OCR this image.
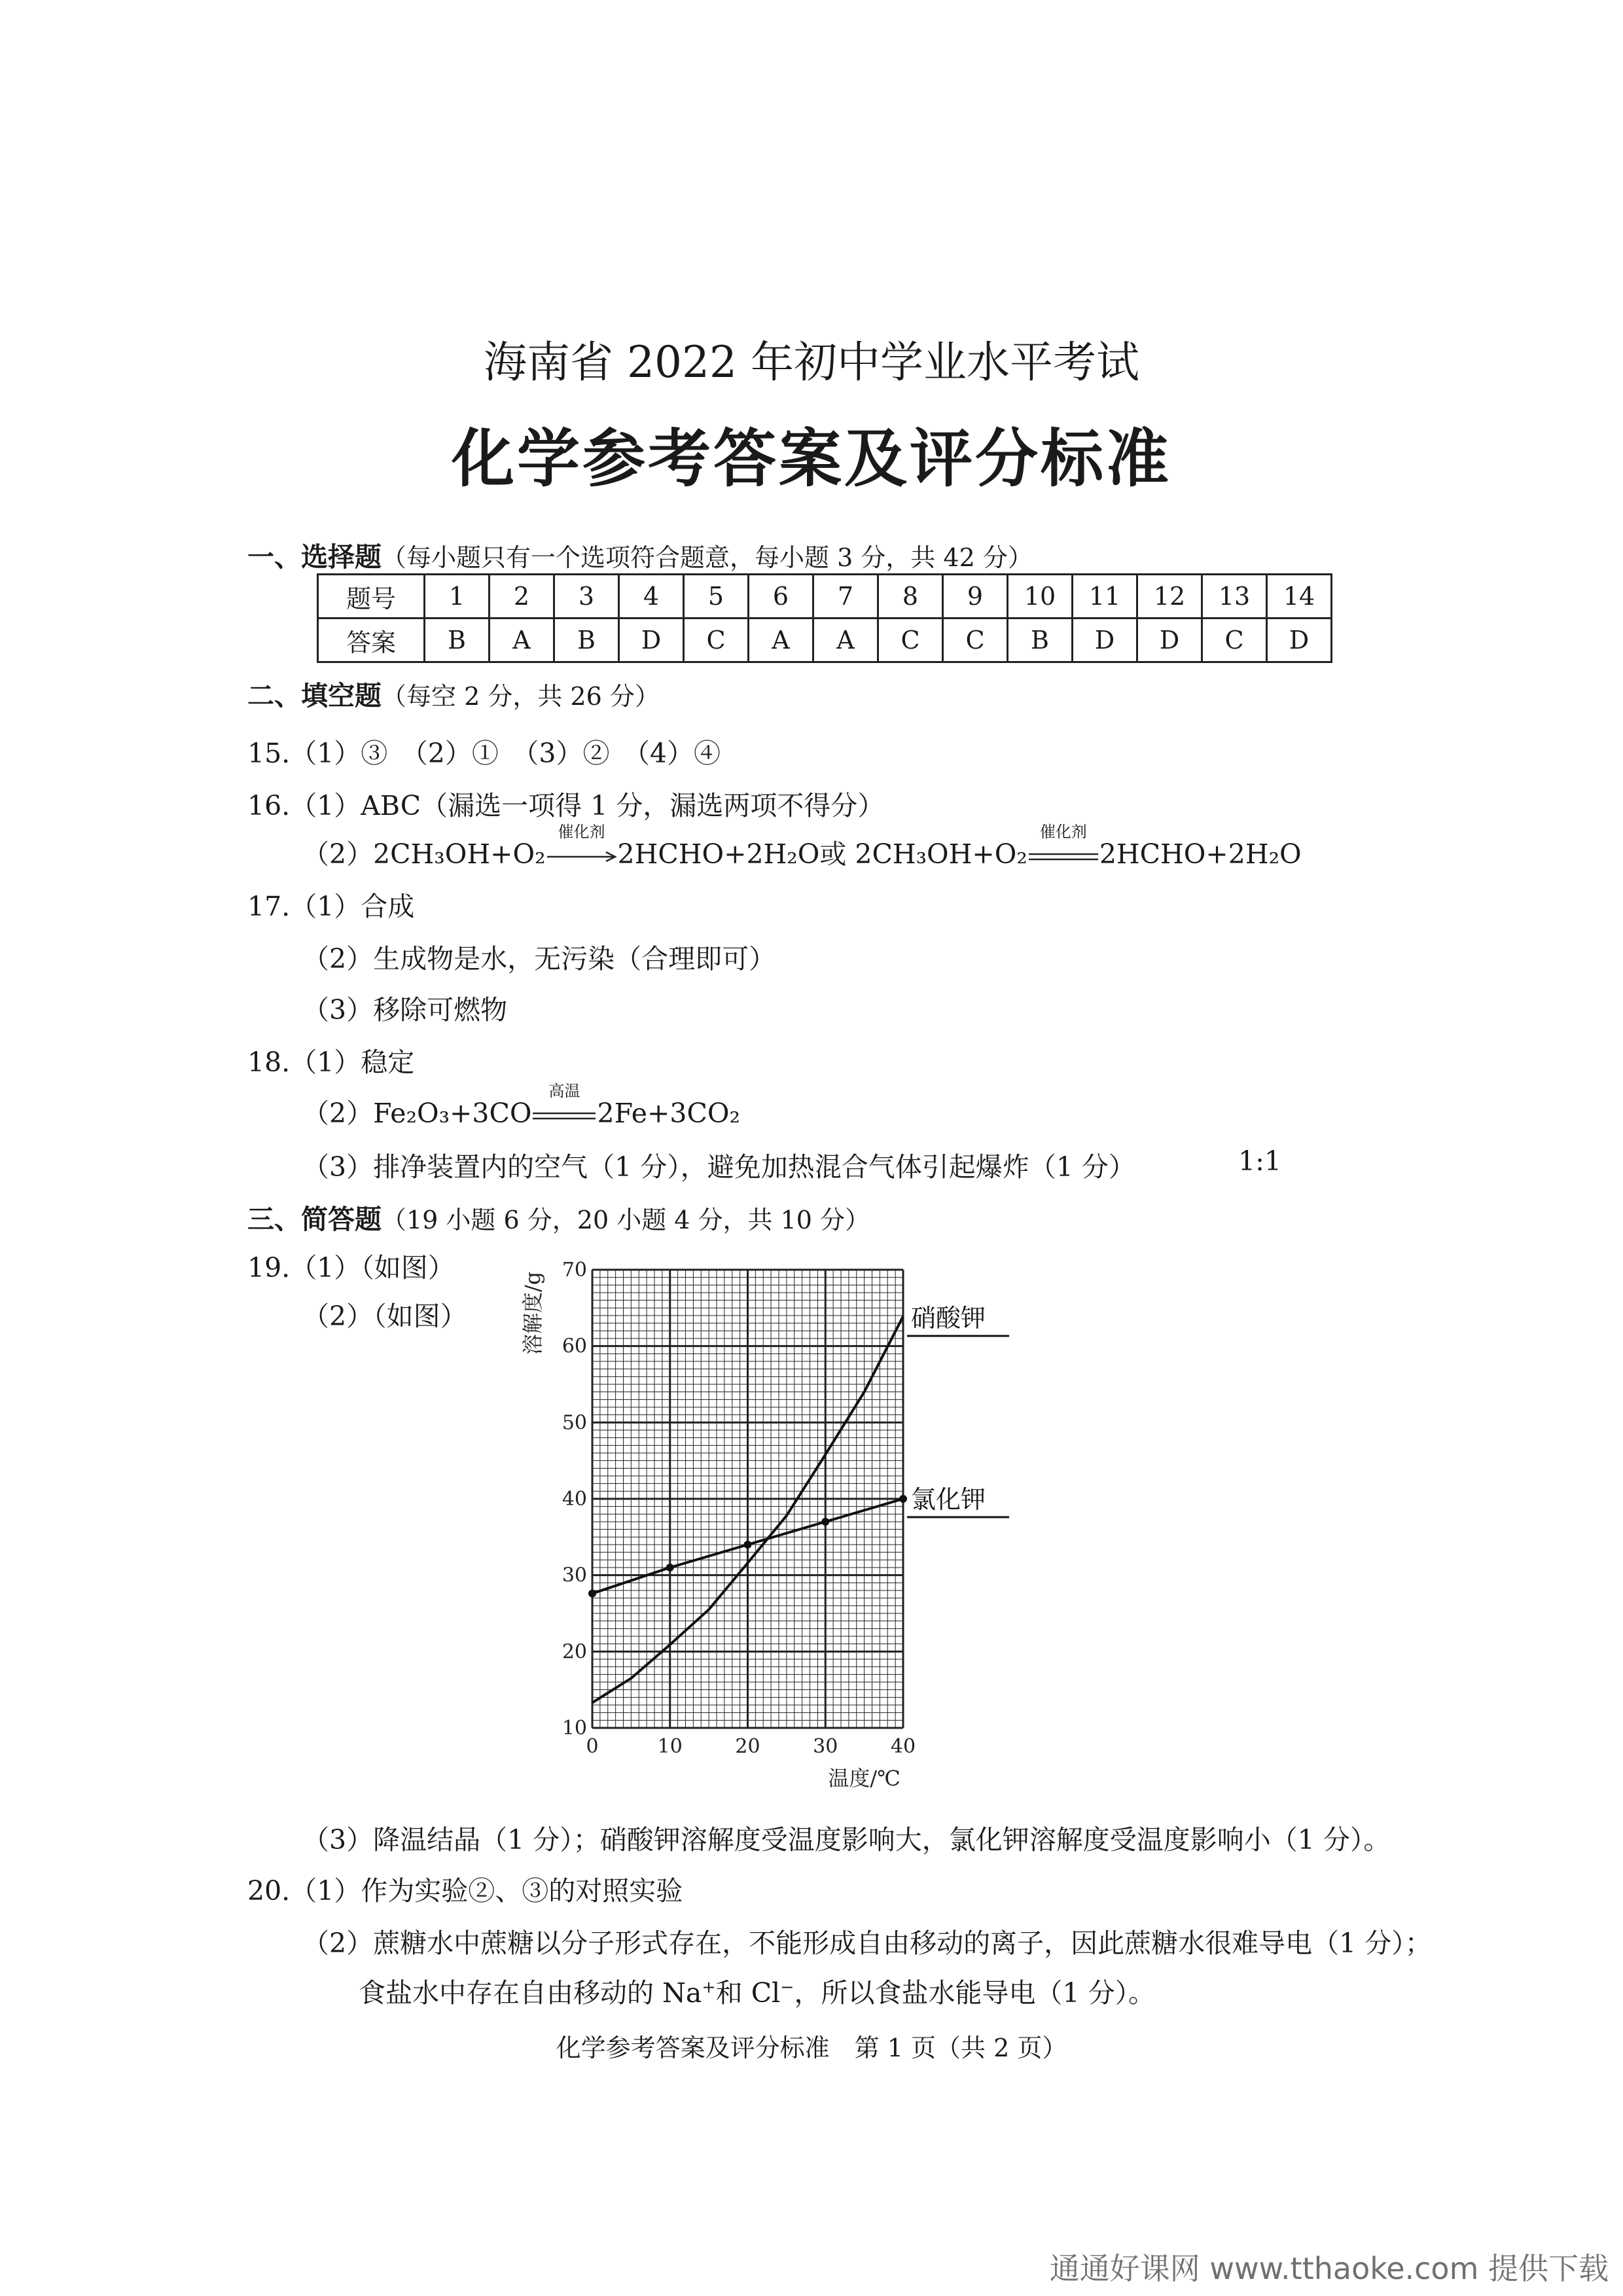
海南省 2022 年初中学业水平考试
化学参考答案及评分标准
一、选择题（每小题只有一个选项符合题意，每小题 3 分，共 42 分）
题号	1	2	3	4	5	6	7	8	9	10	11	12	13	14
答案	B	A	B	D	C	A	A	C	C	B	D	D	C	D
二、填空题（每空 2 分，共 26 分）
15.（1）③　（2）①　（3）②　（4）④
16.（1）ABC（漏选一项得 1 分，漏选两项不得分）
（2）2CH₃OH+O₂
催化剂
2HCHO+2H₂O或 2CH₃OH+O₂
催化剂
2HCHO+2H₂O
17.（1）合成
（2）生成物是水，无污染（合理即可）
（3）移除可燃物
18.（1）稳定
（2）Fe₂O₃+3CO
高温
2Fe+3CO₂
（3）排净装置内的空气（1 分），避免加热混合气体引起爆炸（1 分）	1:1
三、简答题（19 小题 6 分，20 小题 4 分，共 10 分）
19.（1）（如图）
（2）（如图）
0	10	20	30	40
10
20
30
40
50
60
70
温度/℃
溶解度/g	硝酸钾
氯化钾
（3）降温结晶（1 分）；硝酸钾溶解度受温度影响大，氯化钾溶解度受温度影响小（1 分）。
20.（1）作为实验②、③的对照实验
（2）蔗糖水中蔗糖以分子形式存在，不能形成自由移动的离子，因此蔗糖水很难导电（1 分）；
食盐水中存在自由移动的 Na+和 Cl−，所以食盐水能导电（1 分）。
化学参考答案及评分标准　第 1 页（共 2 页）
通通好课网 www.tthaoke.com 提供下载
